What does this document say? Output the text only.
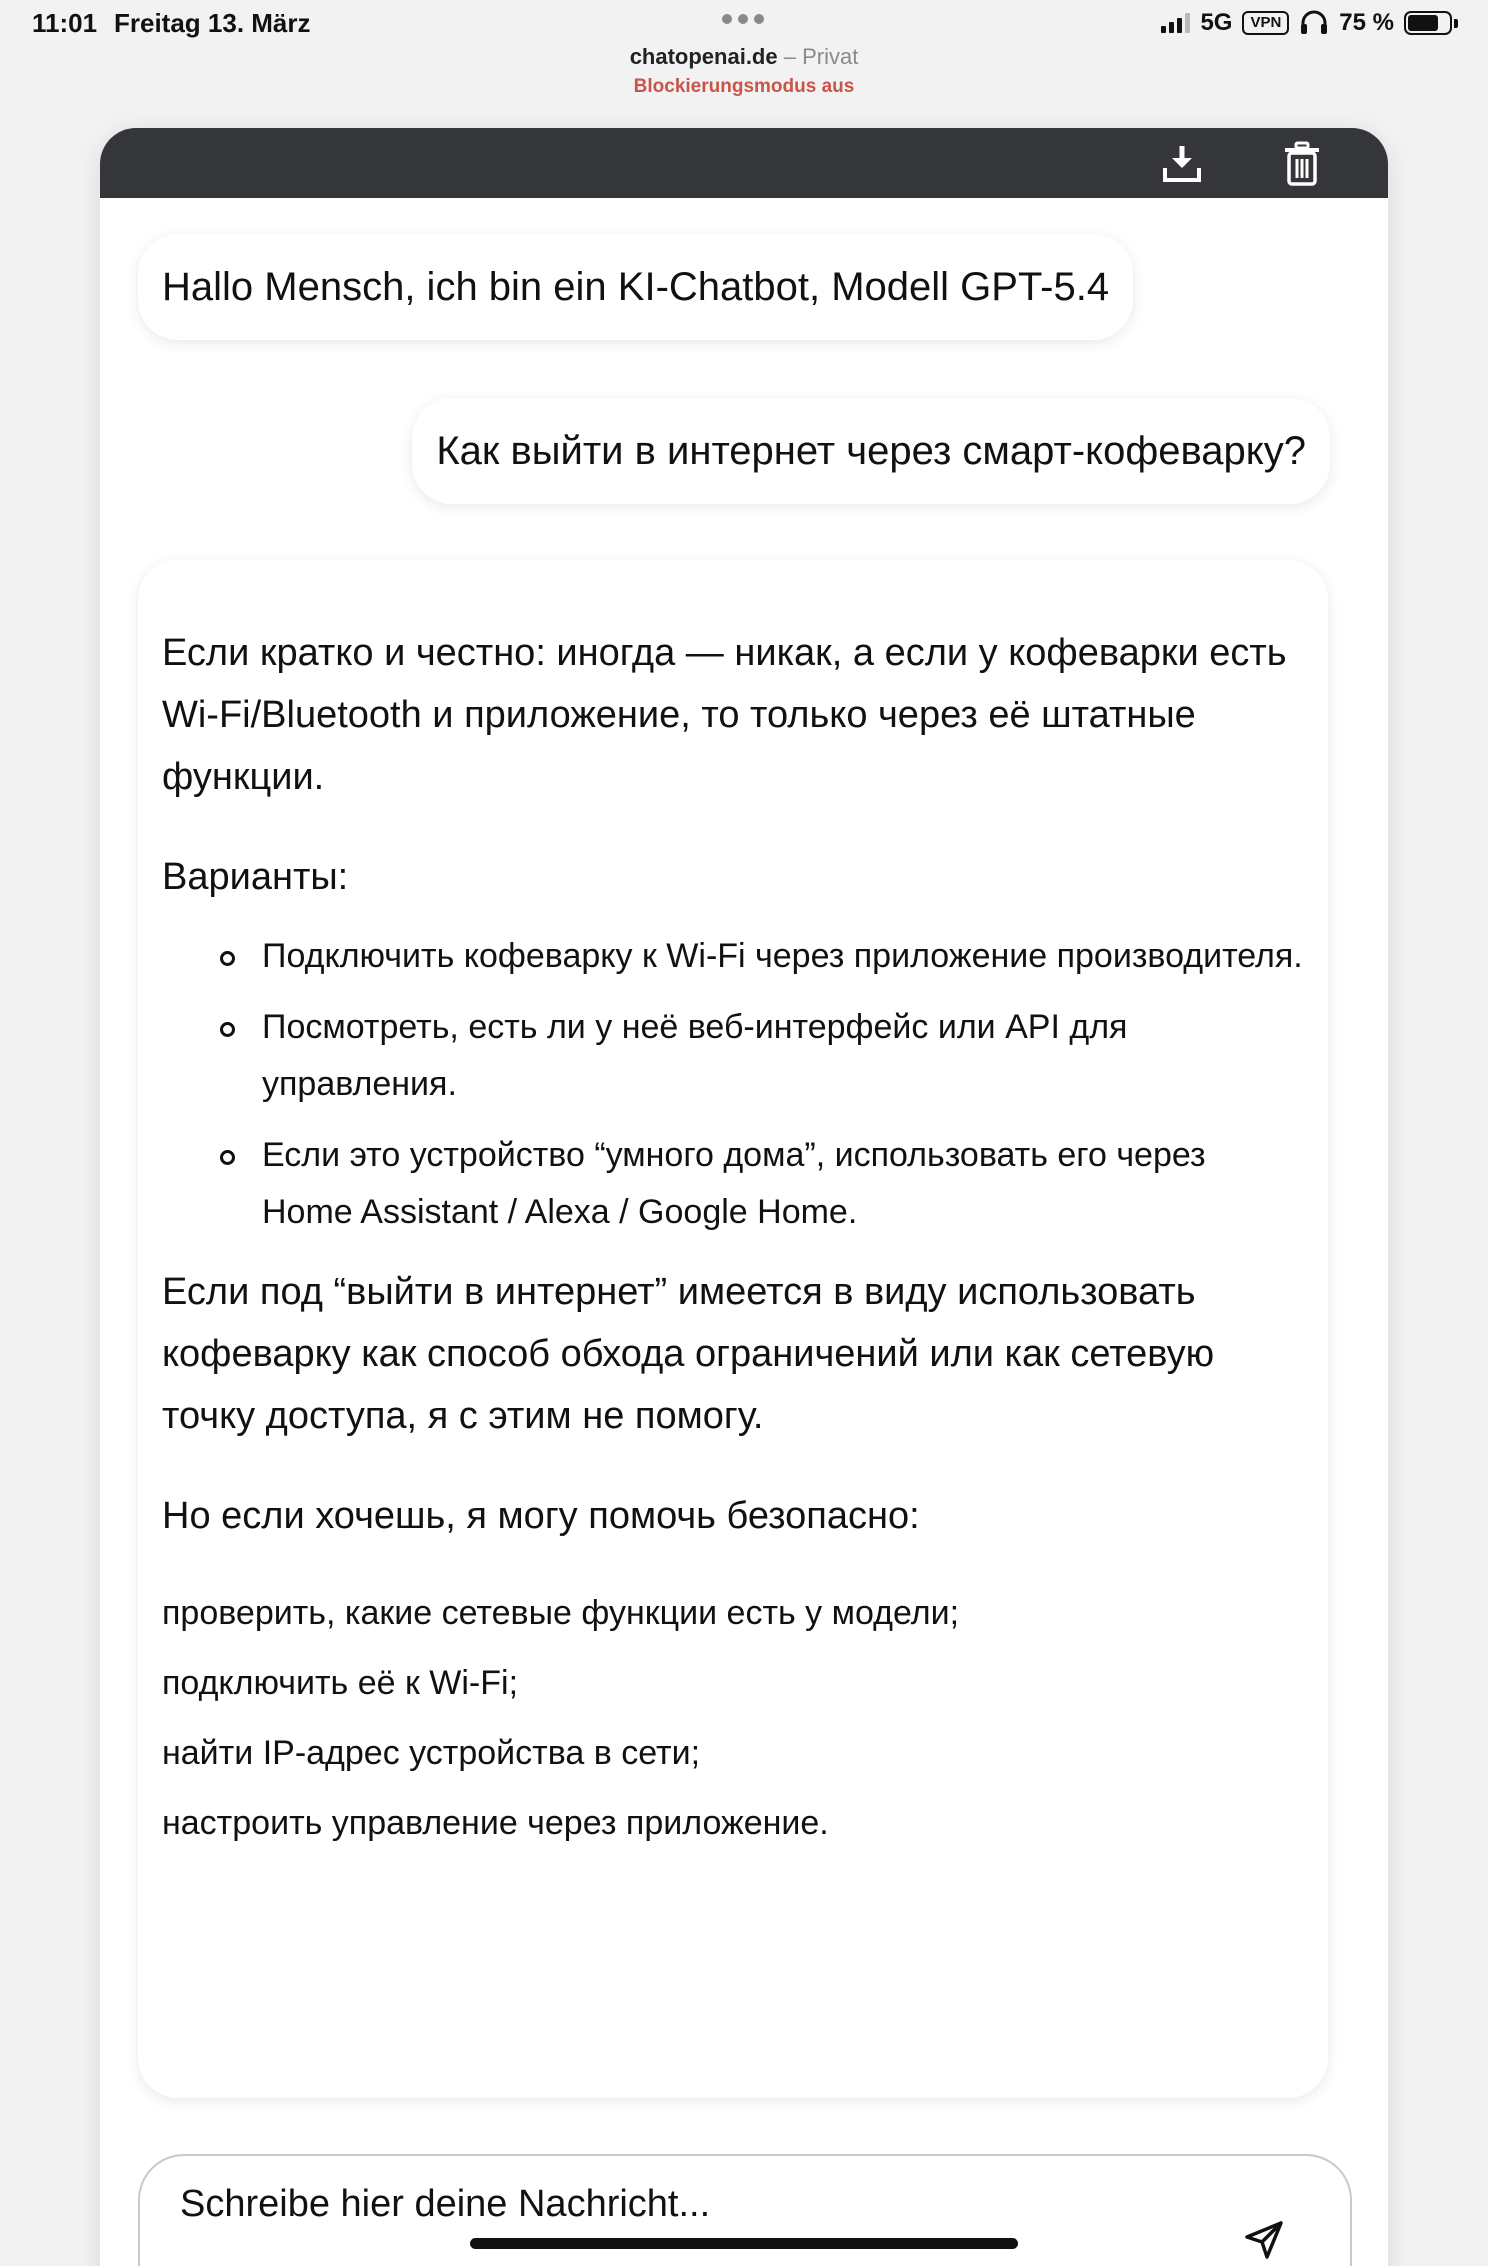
11:01 Freitag 13. März
chatopenai.de – Privat
Blockierungsmodus aus
5G	VPN	75 %
Hallo Mensch, ich bin ein KI-Chatbot, Modell GPT-5.4
Как выйти в интернет через смарт-кофеварку?

Если кратко и честно: иногда — никак, а если у кофеварки есть Wi-Fi/Bluetooth и приложение, то только через её штатные функции.

Варианты:

Подключить кофеварку к Wi-Fi через приложение производителя.
Посмотреть, есть ли у неё веб-интерфейс или API для управления.
Если это устройство “умного дома”, использовать его через Home Assistant / Alexa / Google Home.

Если под “выйти в интернет” имеется в виду использовать кофеварку как способ обхода ограничений или как сетевую точку доступа, я с этим не помогу.

Но если хочешь, я могу помочь безопасно:

проверить, какие сетевые функции есть у модели;

подключить её к Wi-Fi;

найти IP-адрес устройства в сети;

настроить управление через приложение.

Schreibe hier deine Nachricht...
